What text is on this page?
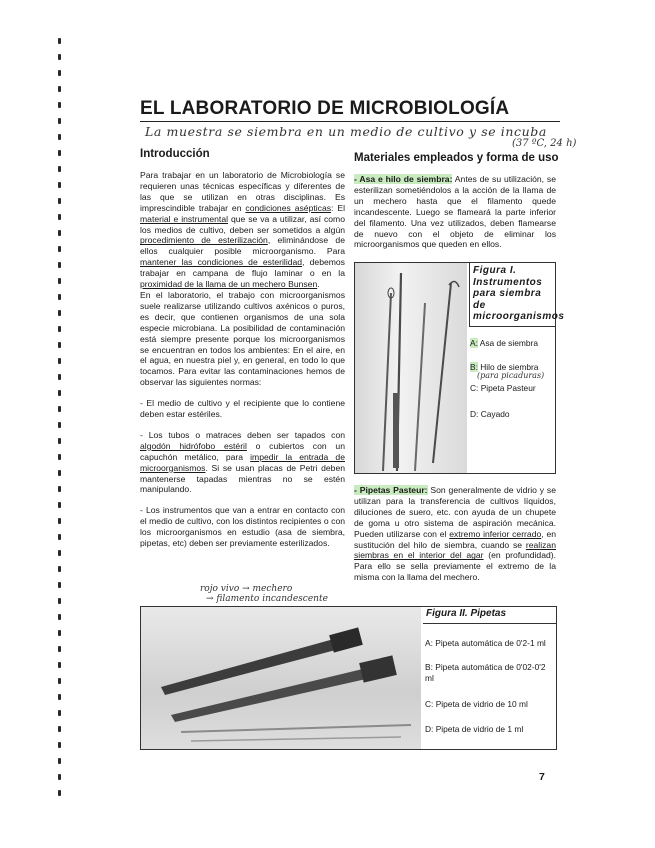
EL LABORATORIO DE MICROBIOLOGÍA
La muestra se siembra en un medio de cultivo y se incuba
(37 ºC, 24 h)
Introducción	Materiales empleados y forma de uso

Para trabajar en un laboratorio de Microbiología se requieren unas técnicas específicas y diferentes de las que se utilizan en otras disciplinas. Es imprescindible trabajar en condiciones asépticas: El material e instrumental que se va a utilizar, así como los medios de cultivo, deben ser sometidos a algún procedimiento de esterilización, eliminándose de ellos cualquier posible microorganismo. Para mantener las condiciones de esterilidad, debemos trabajar en campana de flujo laminar o en la proximidad de la llama de un mechero Bunsen.

En el laboratorio, el trabajo con microorganismos suele realizarse utilizando cultivos axénicos o puros, es decir, que contienen organismos de una sola especie microbiana. La posibilidad de contaminación está siempre presente porque los microorganismos se encuentran en todos los ambientes: En el aire, en el agua, en nuestra piel y, en general, en todo lo que tocamos. Para evitar las contaminaciones hemos de observar las siguientes normas:

- El medio de cultivo y el recipiente que lo contiene deben estar estériles.

- Los tubos o matraces deben ser tapados con algodón hidrófobo estéril o cubiertos con un capuchón metálico, para impedir la entrada de microorganismos. Si se usan placas de Petri deben mantenerse tapadas mientras no se estén manipulando.

- Los instrumentos que van a entrar en contacto con el medio de cultivo, con los distintos recipientes o con los microorganismos en estudio (asa de siembra, pipetas, etc) deben ser previamente esterilizados.

rojo vivo → mechero
→ filamento incandescente

- Asa e hilo de siembra: Antes de su utilización, se esterilizan sometiéndolos a la acción de la llama de un mechero hasta que el filamento quede incandescente. Luego se flameará la parte inferior del filamento. Una vez utilizados, deben flamearse de nuevo con el objeto de eliminar los microorganismos que queden en ellos.

Figura I. Instrumentos para siembra de microorganismos
A: Asa de siembra
B: Hilo de siembra
(para picaduras)
C: Pipeta Pasteur
D: Cayado

- Pipetas Pasteur: Son generalmente de vidrio y se utilizan para la transferencia de cultivos líquidos, diluciones de suero, etc. con ayuda de un chupete de goma u otro sistema de aspiración mecánica. Pueden utilizarse con el extremo inferior cerrado, en sustitución del hilo de siembra, cuando se realizan siembras en el interior del agar (en profundidad). Para ello se sella previamente el extremo de la misma con la llama del mechero.

Figura II. Pipetas
A: Pipeta automática de 0'2-1 ml
B: Pipeta automática de 0'02-0'2 ml
C: Pipeta de vidrio de 10 ml
D: Pipeta de vidrio de 1 ml
7
